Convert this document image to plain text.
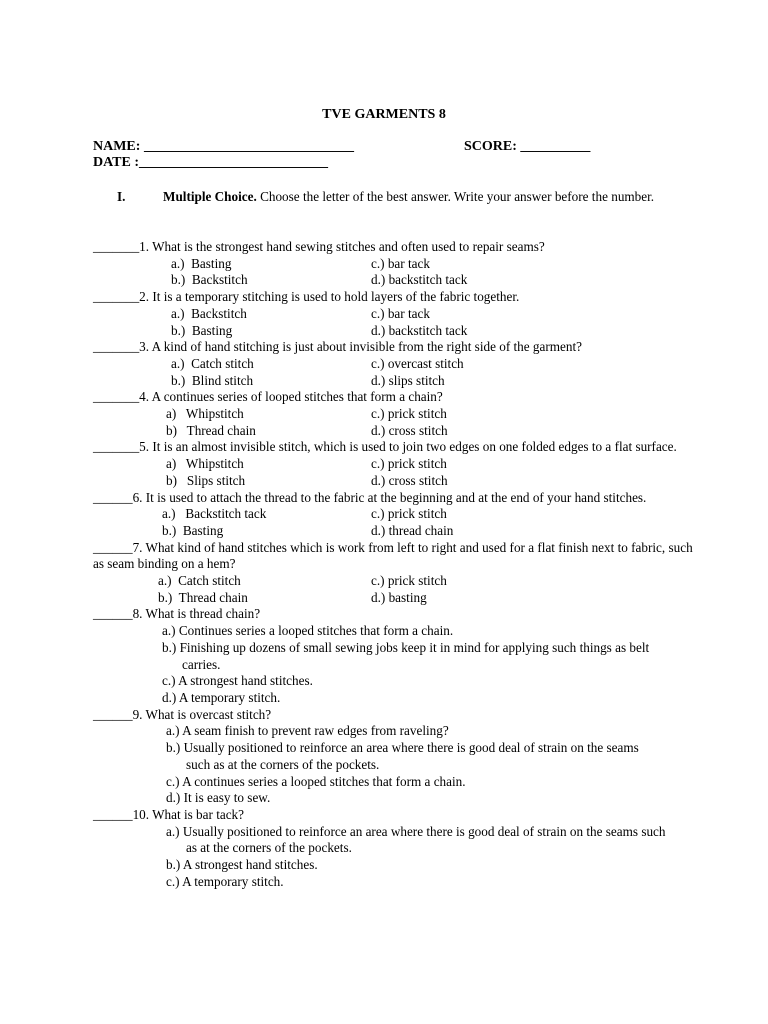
TVE GARMENTS 8
NAME: ______________________________	SCORE: __________
DATE :___________________________
I.	Multiple Choice. Choose the letter of the best answer. Write your answer before the number.
_______1. What is the strongest hand sewing stitches and often used to repair seams?
a.)  Basting	c.) bar tack
b.)  Backstitch	d.) backstitch tack
_______2. It is a temporary stitching is used to hold layers of the fabric together.
a.)  Backstitch	c.) bar tack
b.)  Basting	d.) backstitch tack
_______3. A kind of hand stitching is just about invisible from the right side of the garment?
a.)  Catch stitch	c.) overcast stitch
b.)  Blind stitch	d.) slips stitch
_______4. A continues series of looped stitches that form a chain?
a)   Whipstitch	c.) prick stitch
b)   Thread chain	d.) cross stitch
_______5. It is an almost invisible stitch, which is used to join two edges on one folded edges to a flat surface.
a)   Whipstitch	c.) prick stitch
b)   Slips stitch	d.) cross stitch
______6. It is used to attach the thread to the fabric at the beginning and at the end of your hand stitches.
a.)   Backstitch tack	c.) prick stitch
b.)  Basting	d.) thread chain
______7. What kind of hand stitches which is work from left to right and used for a flat finish next to fabric, such as seam binding on a hem?
a.)  Catch stitch	c.) prick stitch
b.)  Thread chain	d.) basting
______8. What is thread chain?
a.) Continues series a looped stitches that form a chain.
b.) Finishing up dozens of small sewing jobs keep it in mind for applying such things as belt carries.
c.) A strongest hand stitches.
d.) A temporary stitch.
______9. What is overcast stitch?
a.) A seam finish to prevent raw edges from raveling?
b.) Usually positioned to reinforce an area where there is good deal of strain on the seams such as at the corners of the pockets.
c.) A continues series a looped stitches that form a chain.
d.) It is easy to sew.
______10. What is bar tack?
a.) Usually positioned to reinforce an area where there is good deal of strain on the seams such as at the corners of the pockets.
b.) A strongest hand stitches.
c.) A temporary stitch.
